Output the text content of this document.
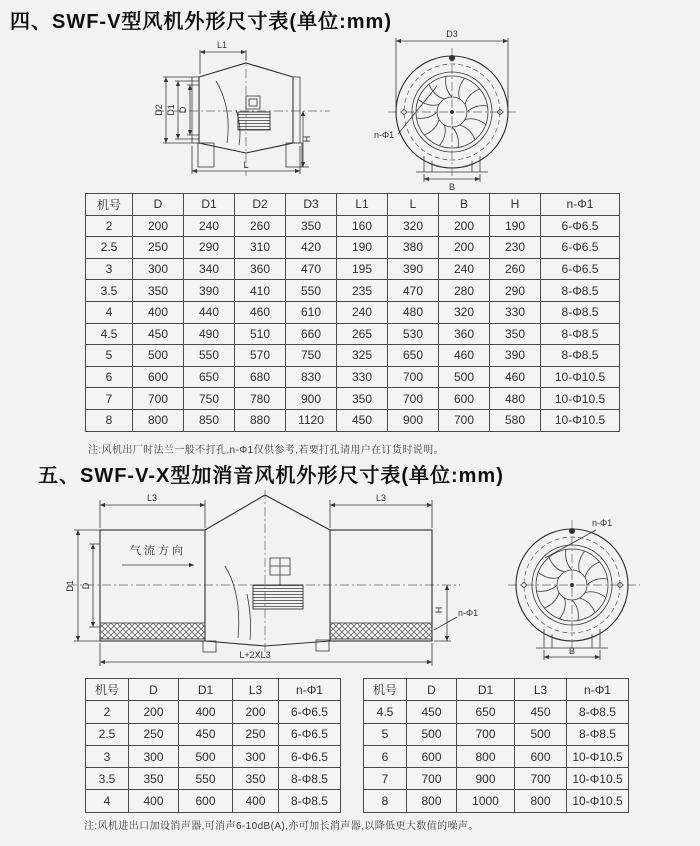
四、SWF-V型风机外形尺寸表(单位:mm)
L1
D2 D1 D
H
L
D3
n-Φ1
B
机号	D	D1	D2	D3	L1	L	B	H	n-Φ1
2	200	240	260	350	160	320	200	190	6-Φ6.5
2.5	250	290	310	420	190	380	200	230	6-Φ6.5
3	300	340	360	470	195	390	240	260	6-Φ6.5
3.5	350	390	410	550	235	470	280	290	8-Φ8.5
4	400	440	460	610	240	480	320	330	8-Φ8.5
4.5	450	490	510	660	265	530	360	350	8-Φ8.5
5	500	550	570	750	325	650	460	390	8-Φ8.5
6	600	650	680	830	330	700	500	460	10-Φ10.5
7	700	750	780	900	350	700	600	480	10-Φ10.5
8	800	850	880	1120	450	900	700	580	10-Φ10.5
注:风机出厂时法兰一般不打孔,n-Φ1仅供参考,若要打孔请用户在订货时说明。
五、SWF-V-X型加消音风机外形尺寸表(单位:mm)
气流方向
L3	L3
D1 D
L+2XL3
H n-Φ1
n-Φ1
B
机号	D	D1	L3	n-Φ1
2	200	400	200	6-Φ6.5
2.5	250	450	250	6-Φ6.5
3	300	500	300	6-Φ6.5
3.5	350	550	350	8-Φ8.5
4	400	600	400	8-Φ8.5
机号	D	D1	L3	n-Φ1
4.5	450	650	450	8-Φ8.5
5	500	700	500	8-Φ8.5
6	600	800	600	10-Φ10.5
7	700	900	700	10-Φ10.5
8	800	1000	800	10-Φ10.5
注:风机进出口加设消声器,可消声6-10dB(A),亦可加长消声器,以降低更大数值的噪声。
